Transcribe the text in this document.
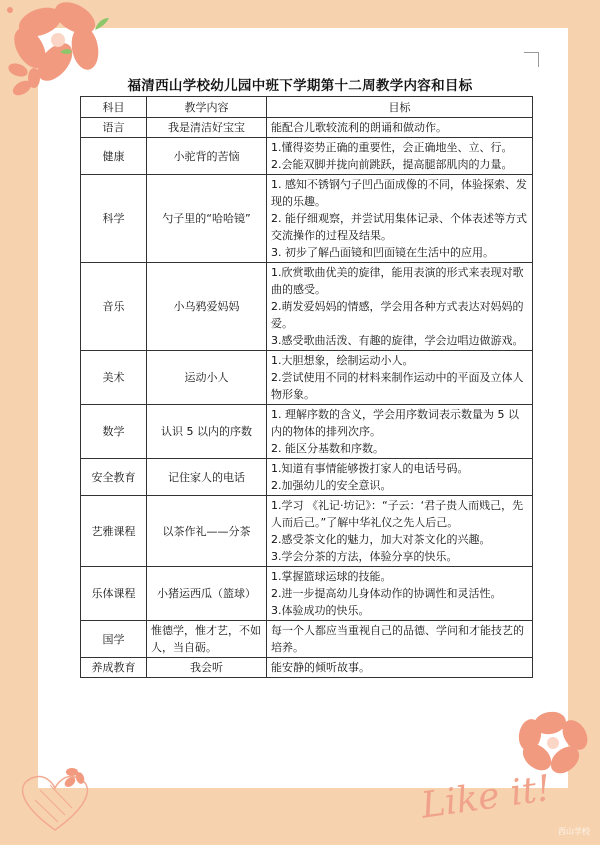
Like it!
福清西山学校幼儿园中班下学期第十二周教学内容和目标
科目	教学内容	目标
语言	我是清洁好宝宝	能配合儿歌较流利的朗诵和做动作。

健康	小驼背的苦恼	1.懂得姿势正确的重要性，会正确地坐、立、行。
2.会能双脚并拢向前跳跃，提高腿部肌肉的力量。

科学	勺子里的“哈哈镜”	1. 感知不锈钢勺子凹凸面成像的不同，体验探索、发现的乐趣。
2. 能仔细观察，并尝试用集体记录、个体表述等方式交流操作的过程及结果。
3. 初步了解凸面镜和凹面镜在生活中的应用。

音乐	小乌鸦爱妈妈	1.欣赏歌曲优美的旋律，能用表演的形式来表现对歌曲的感受。
2.萌发爱妈妈的情感，学会用各种方式表达对妈妈的爱。
3.感受歌曲活泼、有趣的旋律，学会边唱边做游戏。

美术	运动小人	1.大胆想象，绘制运动小人。
2.尝试使用不同的材料来制作运动中的平面及立体人物形象。

数学	认识 5 以内的序数	1. 理解序数的含义，学会用序数词表示数量为 5 以内的物体的排列次序。
2. 能区分基数和序数。

安全教育	记住家人的电话	1.知道有事情能够拨打家人的电话号码。
2.加强幼儿的安全意识。

艺雅课程	以茶作礼——分茶	1.学习 《礼记·坊记》：“子云：‘君子贵人而贱己，先人而后己。”了解中华礼仪之先人后己。
2.感受茶文化的魅力，加大对茶文化的兴趣。
3.学会分茶的方法，体验分享的快乐。

乐体课程	小猪运西瓜（篮球）	1.掌握篮球运球的技能。
2.进一步提高幼儿身体动作的协调性和灵活性。
3.体验成功的快乐。

国学	惟德学，惟才艺，不如人，当自砺。	每一个人都应当重视自己的品德、学问和才能技艺的培养。

养成教育	我会听	能安静的倾听故事。
西山学校
